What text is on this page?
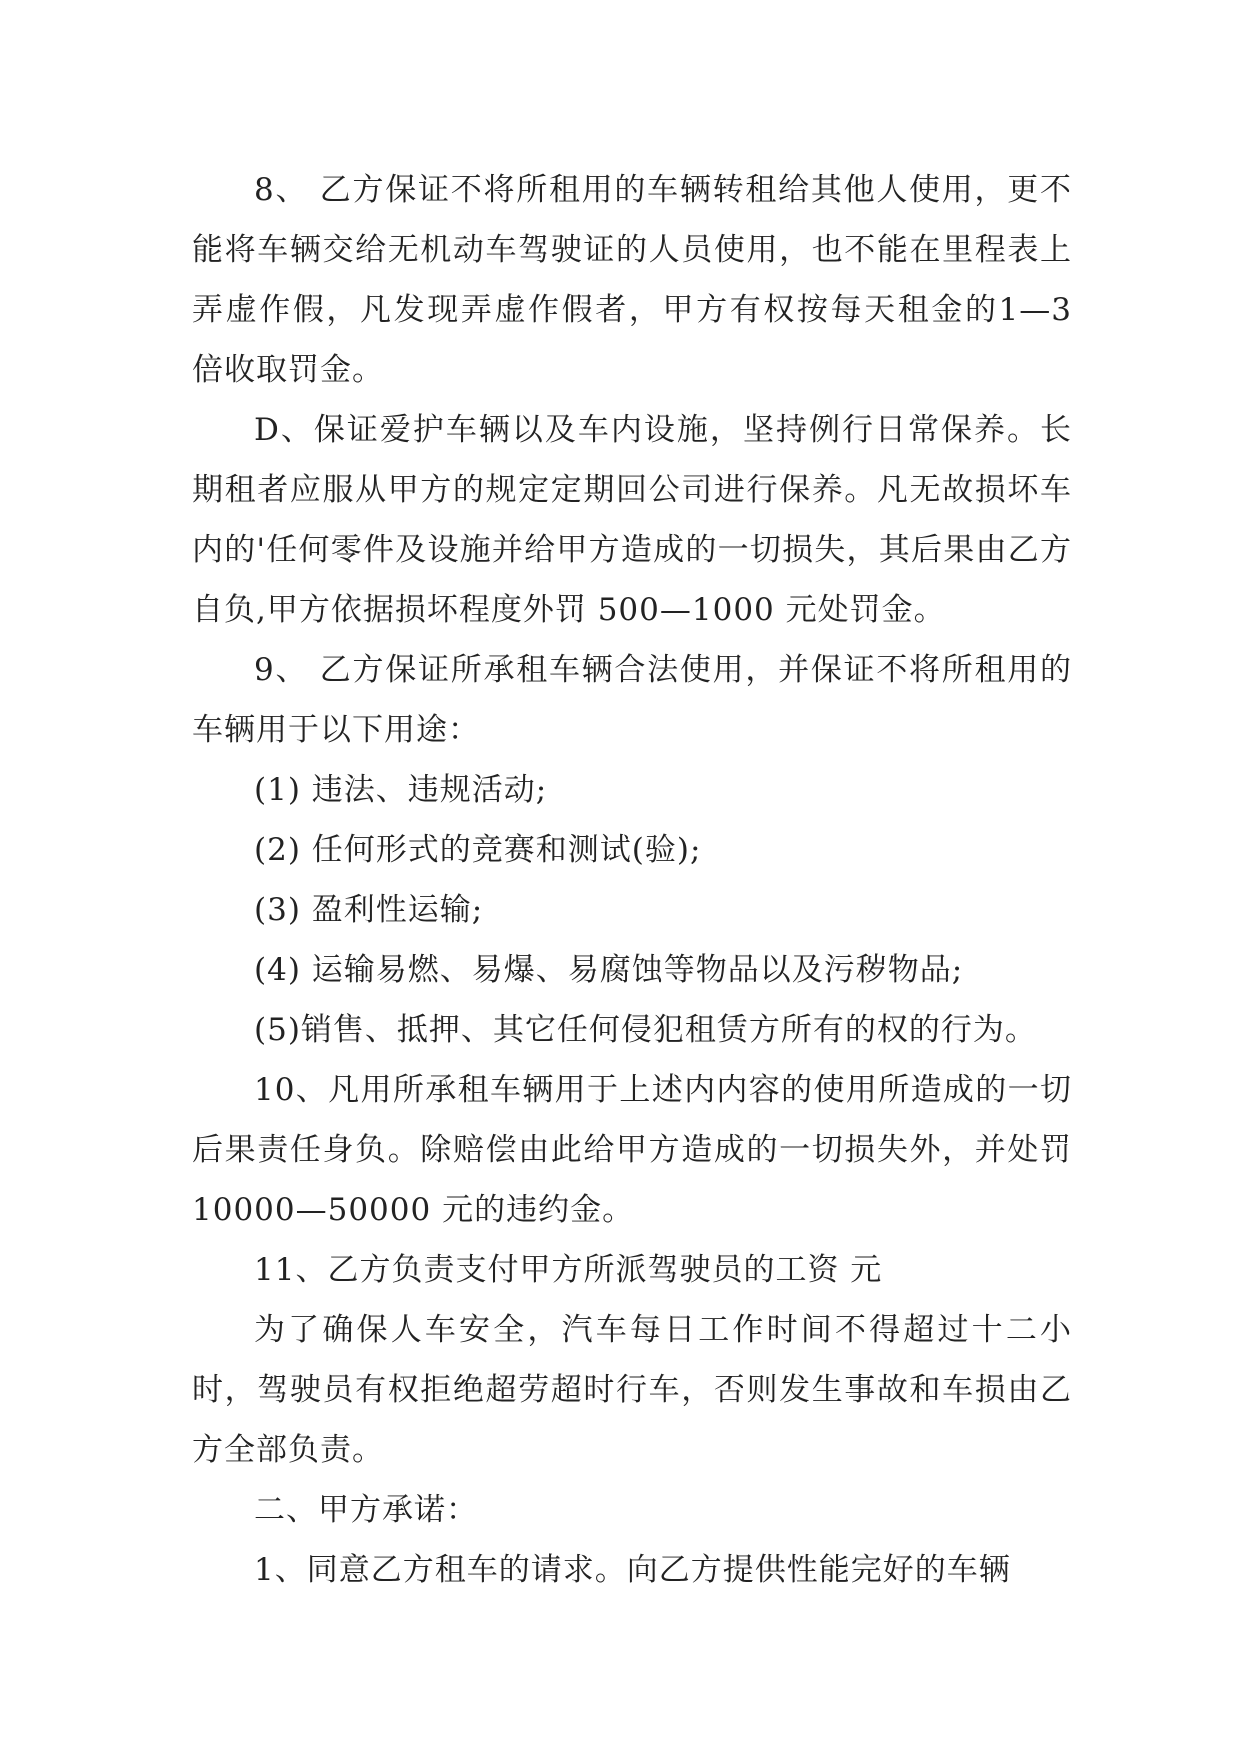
8、 乙方保证不将所租用的车辆转租给其他人使用，更不能将车辆交给无机动车驾驶证的人员使用，也不能在里程表上弄虚作假，凡发现弄虚作假者，甲方有权按每天租金的1—3 倍收取罚金。

D、保证爱护车辆以及车内设施，坚持例行日常保养。长期租者应服从甲方的规定定期回公司进行保养。凡无故损坏车内的'任何零件及设施并给甲方造成的一切损失，其后果由乙方自负,甲方依据损坏程度外罚 500—1000 元处罚金。

9、 乙方保证所承租车辆合法使用，并保证不将所租用的车辆用于以下用途：

(1) 违法、违规活动;

(2) 任何形式的竞赛和测试(验);

(3) 盈利性运输;

(4) 运输易燃、易爆、易腐蚀等物品以及污秽物品;

(5)销售、抵押、其它任何侵犯租赁方所有的权的行为。

10、凡用所承租车辆用于上述内内容的使用所造成的一切后果责任身负。除赔偿由此给甲方造成的一切损失外，并处罚 10000—50000 元的违约金。

11、乙方负责支付甲方所派驾驶员的工资 元

为了确保人车安全，汽车每日工作时间不得超过十二小时，驾驶员有权拒绝超劳超时行车，否则发生事故和车损由乙方全部负责。

二、甲方承诺：

1、同意乙方租车的请求。向乙方提供性能完好的车辆
